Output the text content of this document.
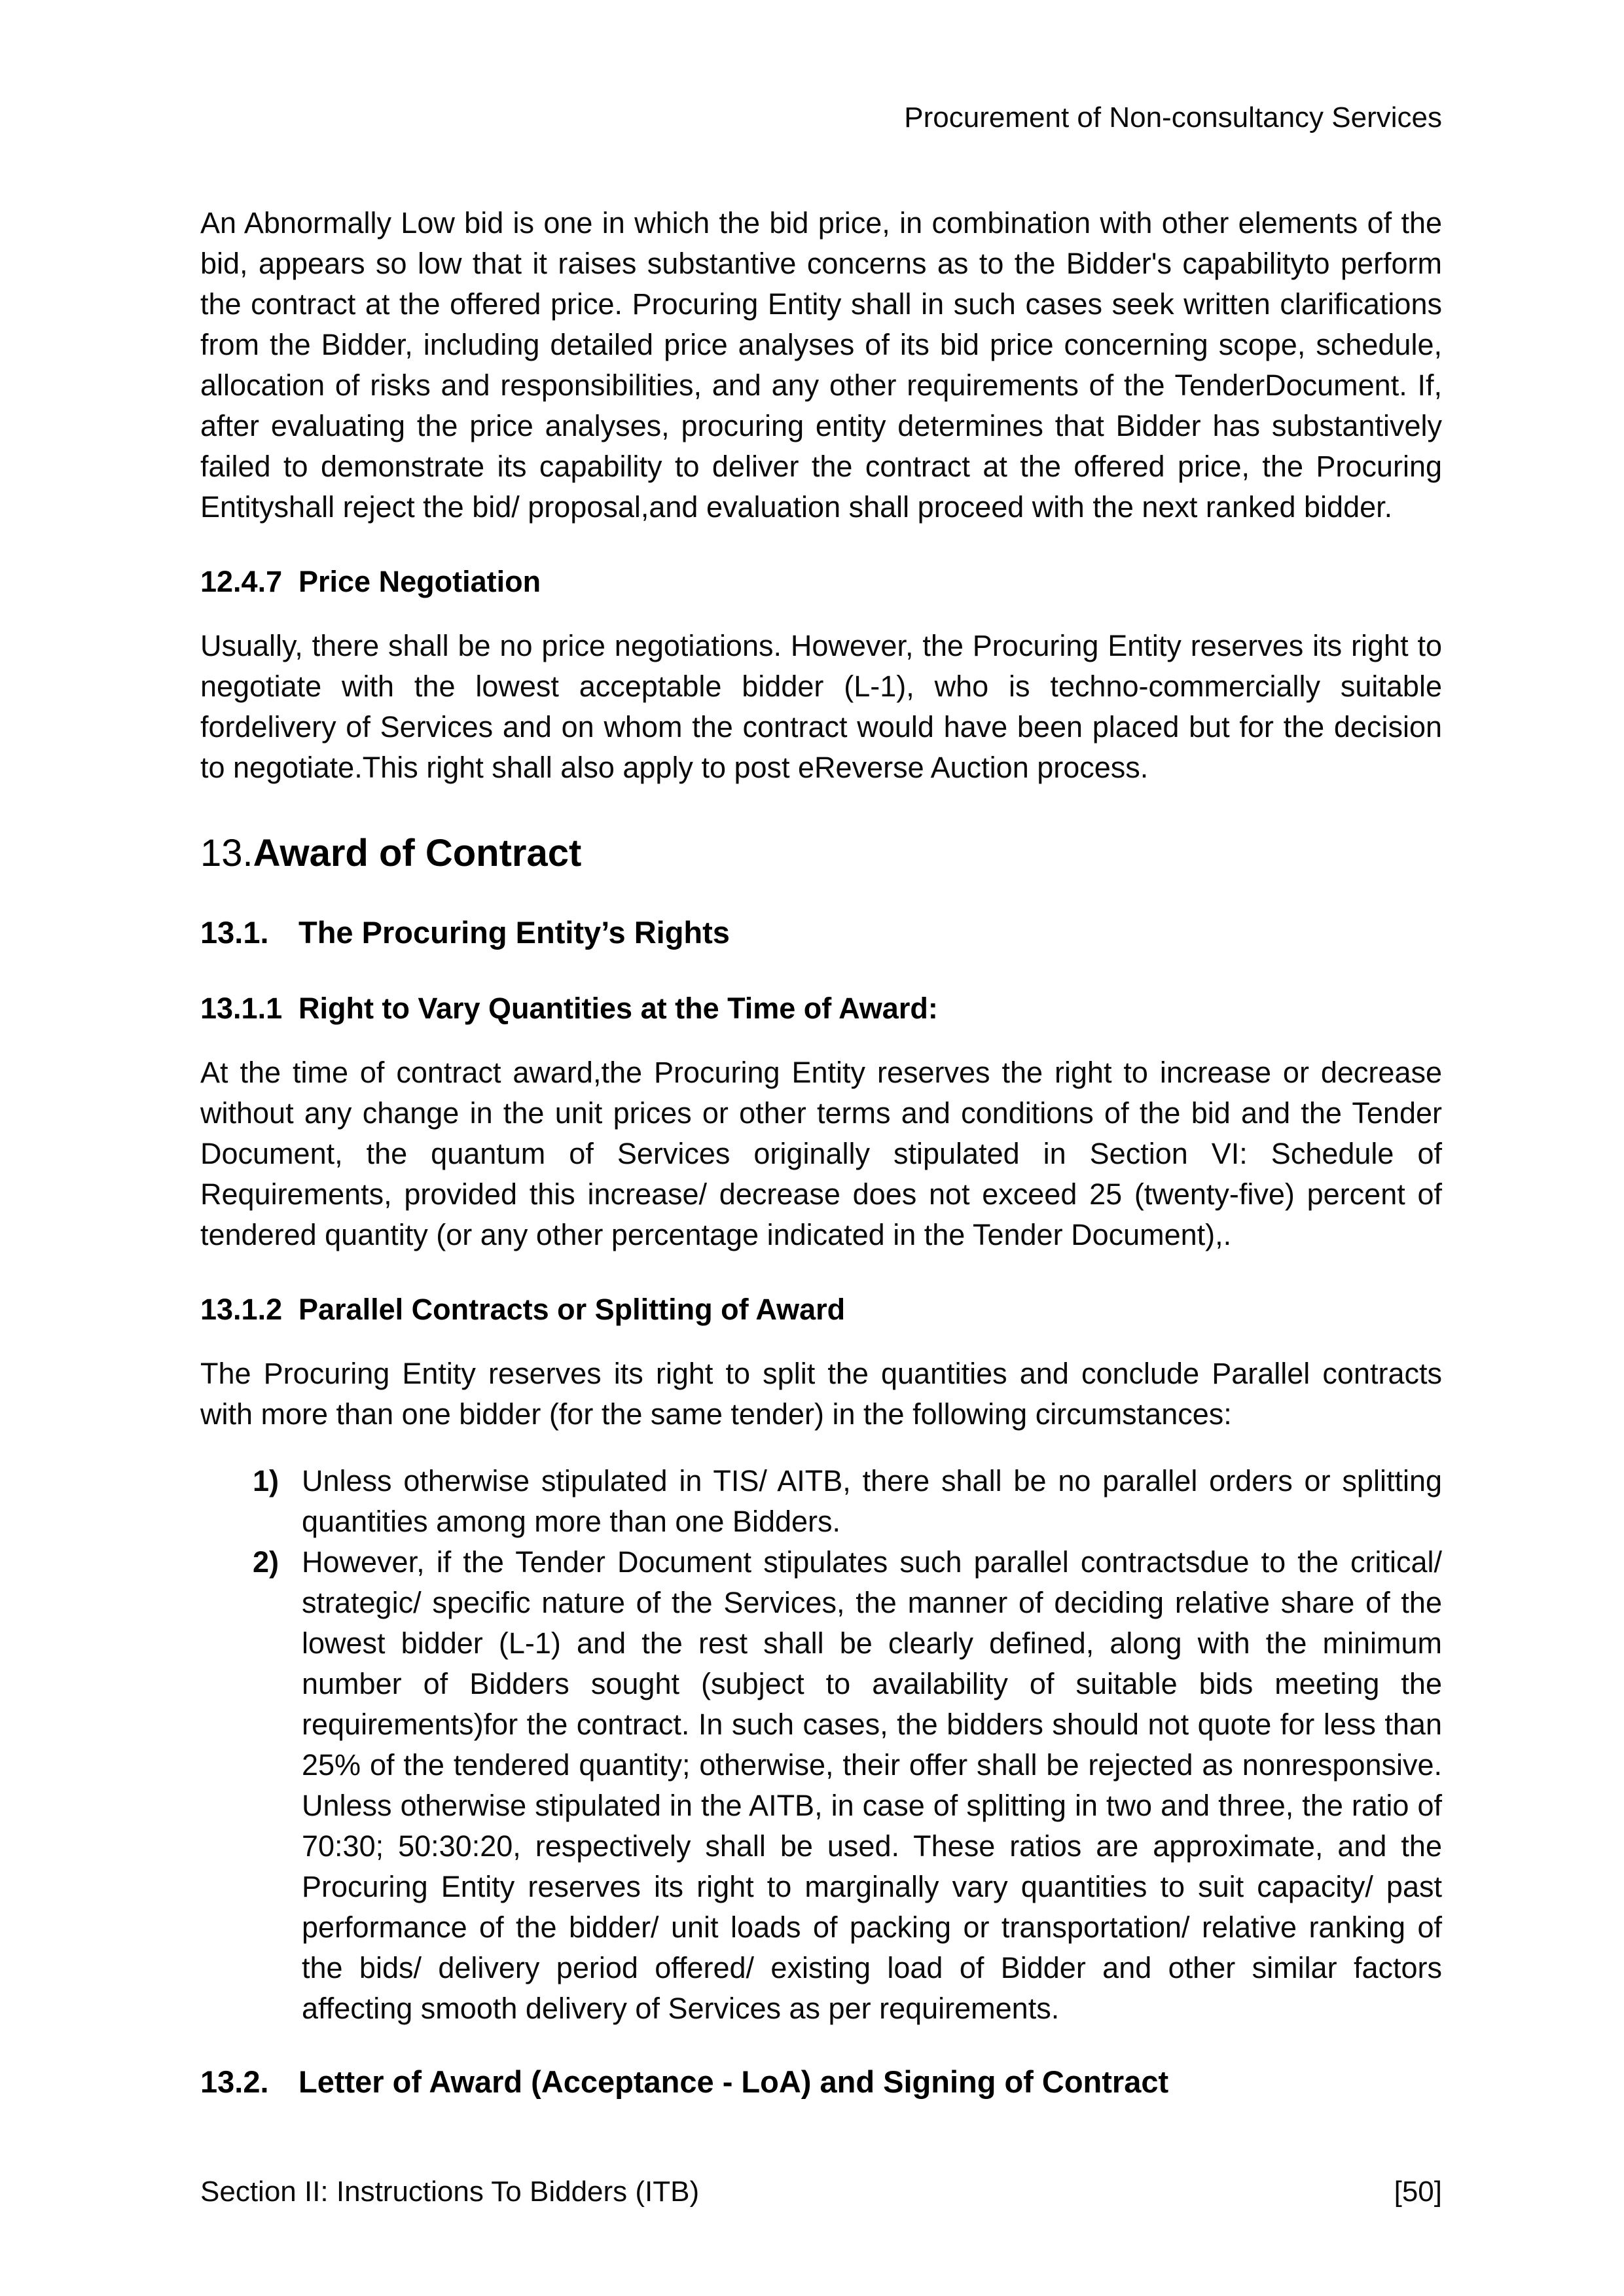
Procurement of Non-consultancy Services

An Abnormally Low bid is one in which the bid price, in combination with other elements of the bid, appears so low that it raises substantive concerns as to the Bidder's capabilityto perform the contract at the offered price. Procuring Entity shall in such cases seek written clarifications from the Bidder, including detailed price analyses of its bid price concerning scope, schedule, allocation of risks and responsibilities, and any other requirements of the TenderDocument. If, after evaluating the price analyses, procuring entity determines that Bidder has substantively failed to demonstrate its capability to deliver the contract at the offered price, the Procuring Entityshall reject the bid/ proposal,and evaluation shall proceed with the next ranked bidder.

12.4.7 Price Negotiation

Usually, there shall be no price negotiations. However, the Procuring Entity reserves its right to negotiate with the lowest acceptable bidder (L-1), who is techno-commercially suitable fordelivery of Services and on whom the contract would have been placed but for the decision to negotiate.This right shall also apply to post eReverse Auction process.

13.Award of Contract
13.1. The Procuring Entity’s Rights
13.1.1 Right to Vary Quantities at the Time of Award:

At the time of contract award,the Procuring Entity reserves the right to increase or decrease without any change in the unit prices or other terms and conditions of the bid and the Tender Document, the quantum of Services originally stipulated in Section VI: Schedule of Requirements, provided this increase/ decrease does not exceed 25 (twenty-five) percent of tendered quantity (or any other percentage indicated in the Tender Document),.

13.1.2 Parallel Contracts or Splitting of Award

The Procuring Entity reserves its right to split the quantities and conclude Parallel contracts with more than one bidder (for the same tender) in the following circumstances:

1) Unless otherwise stipulated in TIS/ AITB, there shall be no parallel orders or splitting quantities among more than one Bidders.
2) However, if the Tender Document stipulates such parallel contractsdue to the critical/ strategic/ specific nature of the Services, the manner of deciding relative share of the lowest bidder (L-1) and the rest shall be clearly defined, along with the minimum number of Bidders sought (subject to availability of suitable bids meeting the requirements)for the contract. In such cases, the bidders should not quote for less than 25% of the tendered quantity; otherwise, their offer shall be rejected as nonresponsive. Unless otherwise stipulated in the AITB, in case of splitting in two and three, the ratio of 70:30; 50:30:20, respectively shall be used. These ratios are approximate, and the Procuring Entity reserves its right to marginally vary quantities to suit capacity/ past performance of the bidder/ unit loads of packing or transportation/ relative ranking of the bids/ delivery period offered/ existing load of Bidder and other similar factors affecting smooth delivery of Services as per requirements.
13.2. Letter of Award (Acceptance - LoA) and Signing of Contract
Section II: Instructions To Bidders (ITB)	[50]
